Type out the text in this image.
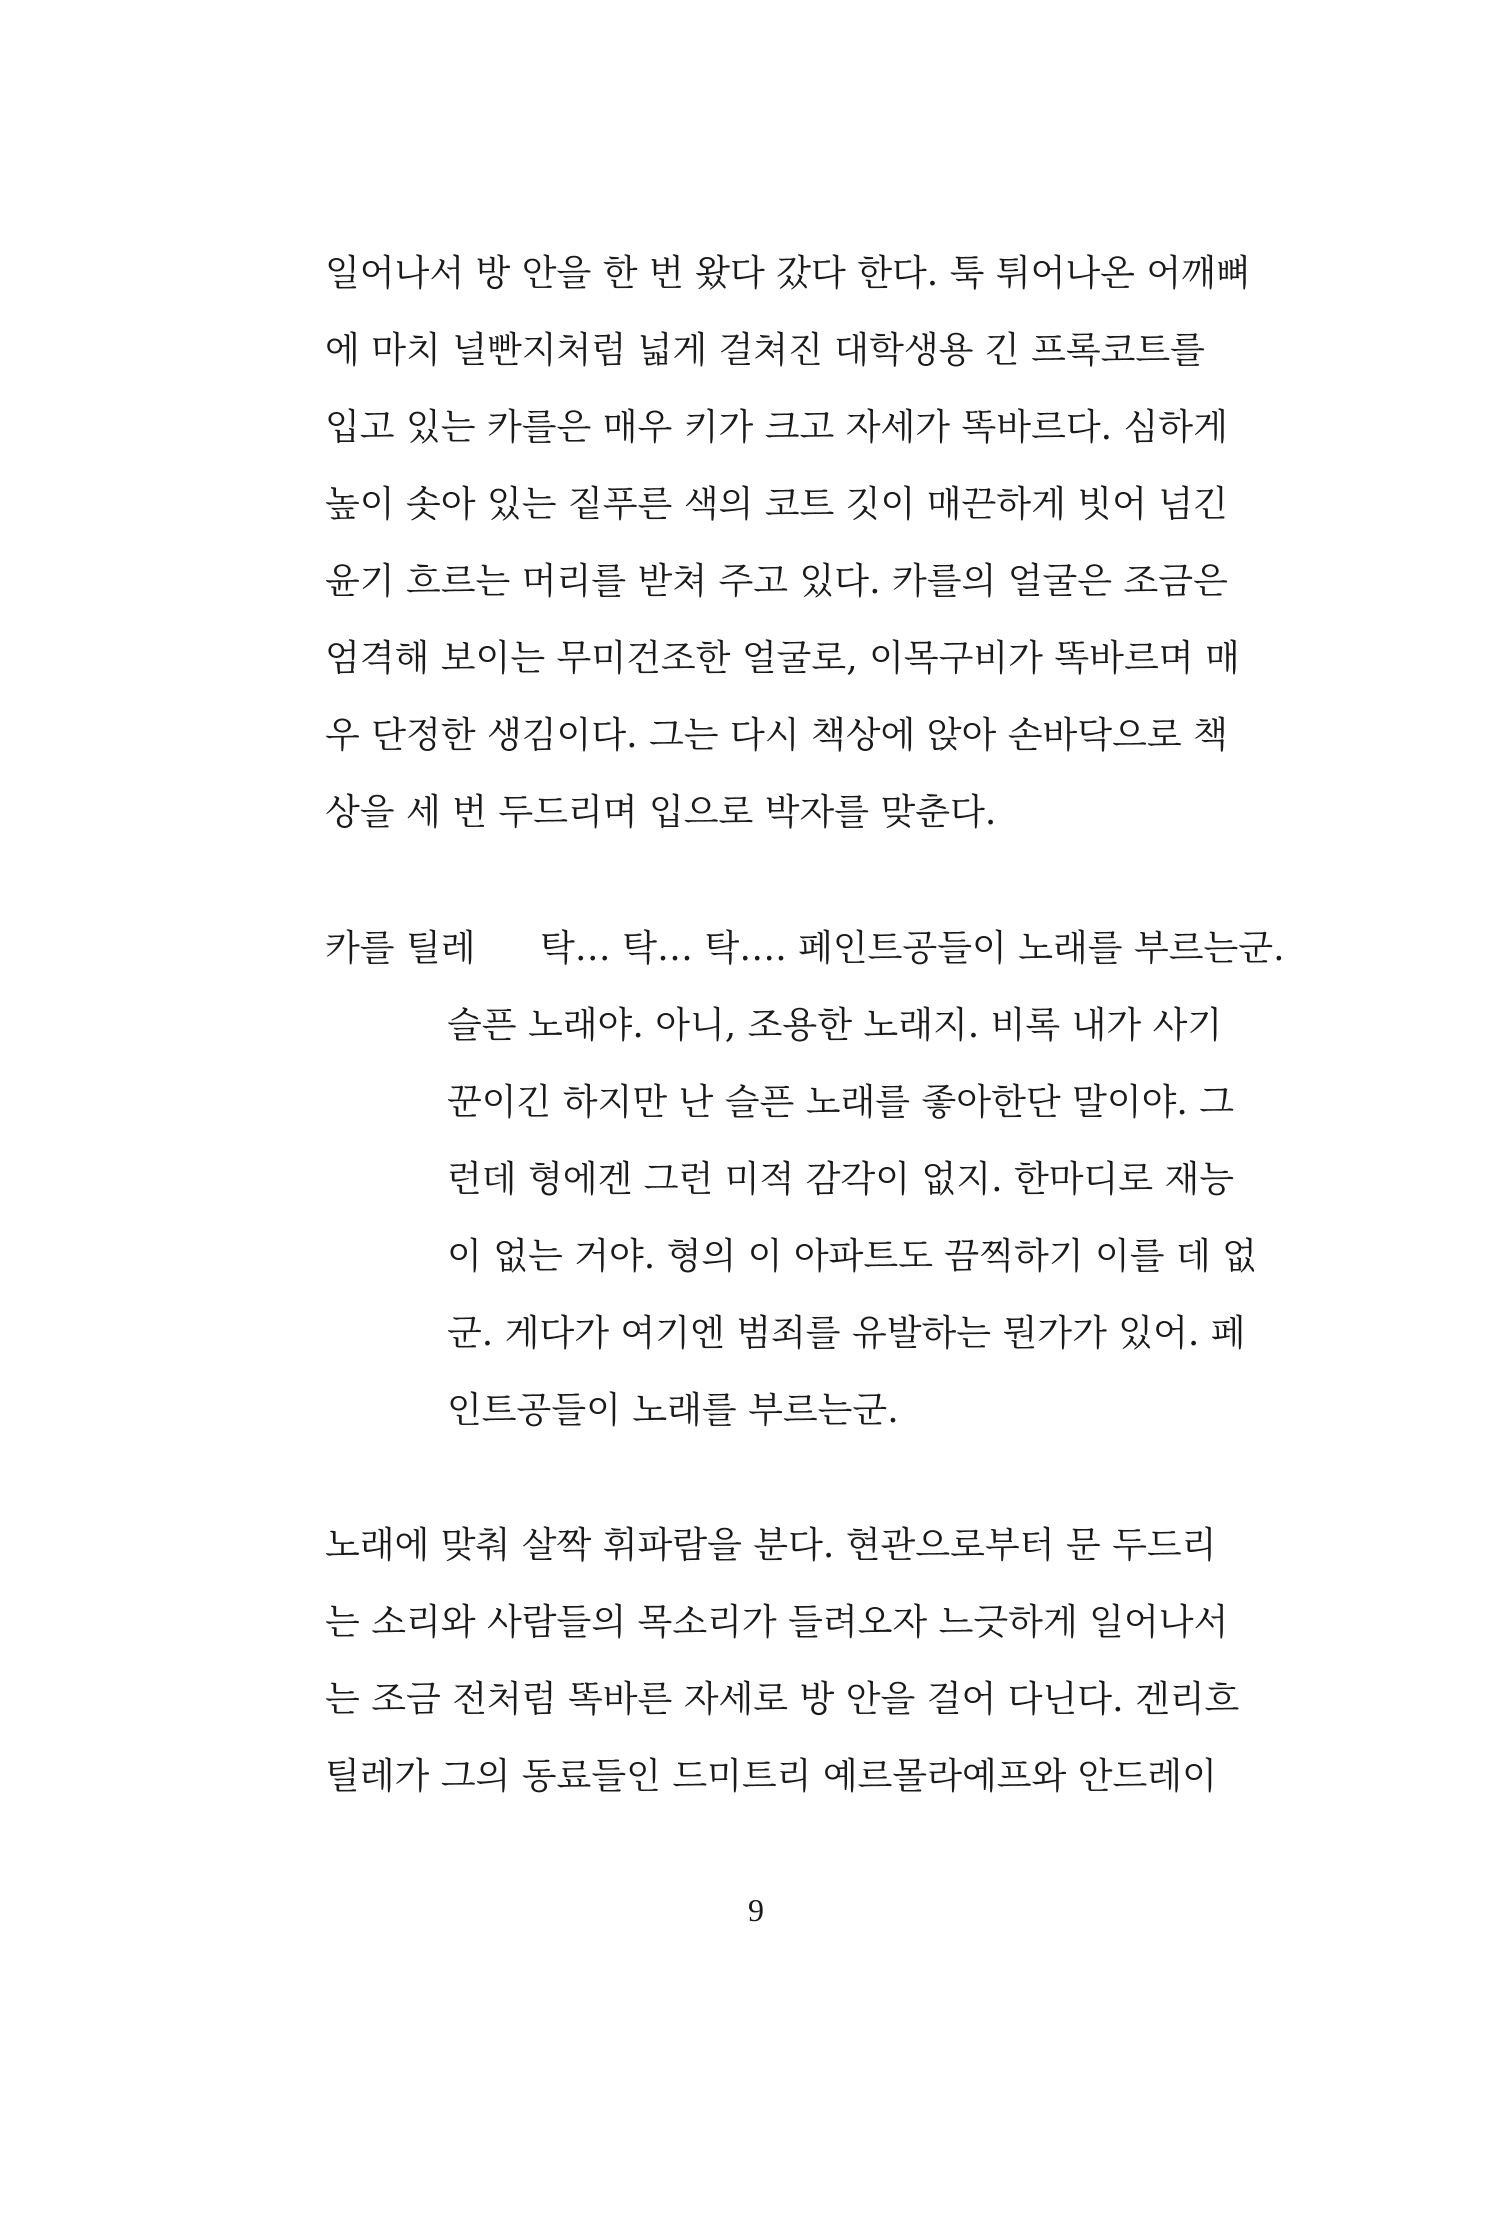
일어나서 방 안을 한 번 왔다 갔다 한다. 툭 튀어나온 어깨뼈
에 마치 널빤지처럼 넓게 걸쳐진 대학생용 긴 프록코트를
입고 있는 카를은 매우 키가 크고 자세가 똑바르다. 심하게
높이 솟아 있는 짙푸른 색의 코트 깃이 매끈하게 빗어 넘긴
윤기 흐르는 머리를 받쳐 주고 있다. 카를의 얼굴은 조금은
엄격해 보이는 무미건조한 얼굴로, 이목구비가 똑바르며 매
우 단정한 생김이다. 그는 다시 책상에 앉아 손바닥으로 책
상을 세 번 두드리며 입으로 박자를 맞춘다.
카를 틸레 탁… 탁… 탁…. 페인트공들이 노래를 부르는군.
슬픈 노래야. 아니, 조용한 노래지. 비록 내가 사기
꾼이긴 하지만 난 슬픈 노래를 좋아한단 말이야. 그
런데 형에겐 그런 미적 감각이 없지. 한마디로 재능
이 없는 거야. 형의 이 아파트도 끔찍하기 이를 데 없
군. 게다가 여기엔 범죄를 유발하는 뭔가가 있어. 페
인트공들이 노래를 부르는군.
노래에 맞춰 살짝 휘파람을 분다. 현관으로부터 문 두드리
는 소리와 사람들의 목소리가 들려오자 느긋하게 일어나서
는 조금 전처럼 똑바른 자세로 방 안을 걸어 다닌다. 겐리흐
틸레가 그의 동료들인 드미트리 예르몰라예프와 안드레이
9
